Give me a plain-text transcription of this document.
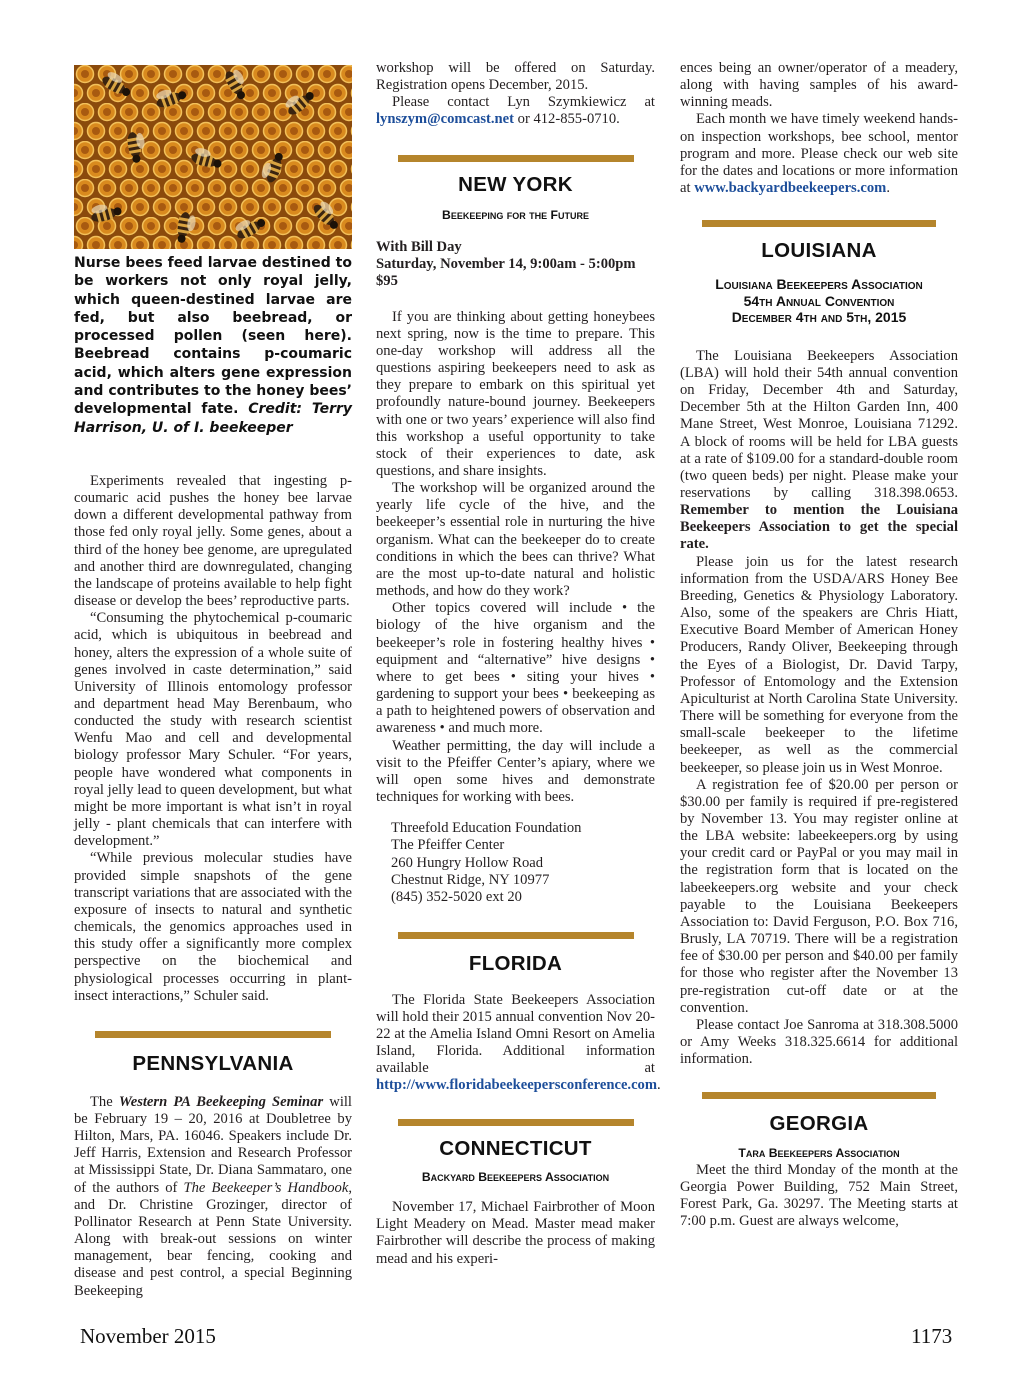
Nurse bees feed larvae destined to be workers not only royal jelly, which queen-destined larvae are fed, but also beebread, or processed pollen (seen here). Beebread contains p-coumaric acid, which alters gene expression and contributes to the honey bees’ developmental fate. Credit: Terry Harrison, U. of I. beekeeper

Experiments revealed that ingesting p-coumaric acid pushes the honey bee larvae down a different developmental pathway from those fed only royal jelly. Some genes, about a third of the honey bee genome, are upregulated and another third are downregulated, changing the landscape of proteins available to help fight disease or develop the bees’ reproductive parts.

“Consuming the phytochemical p-coumaric acid, which is ubiquitous in beebread and honey, alters the expression of a whole suite of genes involved in caste determination,” said University of Illinois entomology professor and department head May Berenbaum, who conducted the study with research scientist Wenfu Mao and cell and developmental biology professor Mary Schuler. “For years, people have wondered what components in royal jelly lead to queen development, but what might be more important is what isn’t in royal jelly - plant chemicals that can interfere with development.”

“While previous molecular studies have provided simple snapshots of the gene transcript variations that are associated with the exposure of insects to natural and synthetic chemicals, the genomics approaches used in this study offer a significantly more complex perspective on the biochemical and physiological processes occurring in plant-insect interactions,” Schuler said.

PENNSYLVANIA

The Western PA Beekeeping Seminar will be February 19 – 20, 2016 at Doubletree by Hilton, Mars, PA. 16046. Speakers include Dr. Jeff Harris, Extension and Research Professor at Mississippi State, Dr. Diana Sammataro, one of the authors of The Beekeeper’s Handbook, and Dr. Christine Grozinger, director of Pollinator Research at Penn State University. Along with break-out sessions on winter management, bear fencing, cooking and disease and pest control, a special Beginning Beekeeping

workshop will be offered on Saturday. Registration opens December, 2015.

Please contact Lyn Szymkiewicz at lynszym@comcast.net or 412-855-0710.

NEW YORK
Beekeeping for the Future

With Bill Day

Saturday, November 14, 9:00am - 5:00pm

$95

If you are thinking about getting honeybees next spring, now is the time to prepare. This one-day workshop will address all the questions aspiring beekeepers need to ask as they prepare to embark on this spiritual yet profoundly nature-bound journey. Beekeepers with one or two years’ experience will also find this workshop a useful opportunity to take stock of their experiences to date, ask questions, and share insights.

The workshop will be organized around the yearly life cycle of the hive, and the beekeeper’s essential role in nurturing the hive organism. What can the beekeeper do to create conditions in which the bees can thrive? What are the most up-to-date natural and holistic methods, and how do they work?

Other topics covered will include • the biology of the hive organism and the beekeeper’s role in fostering healthy hives • equipment and “alternative” hive designs • where to get bees • siting your hives • gardening to support your bees • beekeeping as a path to heightened powers of observation and awareness • and much more.

Weather permitting, the day will include a visit to the Pfeiffer Center’s apiary, where we will open some hives and demonstrate techniques for working with bees.

Threefold Education Foundation

The Pfeiffer Center

260 Hungry Hollow Road

Chestnut Ridge, NY 10977

(845) 352-5020 ext 20

FLORIDA

The Florida State Beekeepers Association will hold their 2015 annual convention Nov 20-22 at the Amelia Island Omni Resort on Amelia Island, Florida. Additional information available at http://www.floridabeekeepersconference.com.

CONNECTICUT
Backyard Beekeepers Association

November 17, Michael Fairbrother of Moon Light Meadery on Mead. Master mead maker Fairbrother will describe the process of making mead and his experi-

ences being an owner/operator of a meadery, along with having samples of his award-winning meads.

Each month we have timely weekend hands-on inspection workshops, bee school, mentor program and more. Please check our web site for the dates and locations or more information at www.backyardbeekeepers.com.

LOUISIANA
Louisiana Beekeepers Association
54th Annual Convention
December 4th and 5th, 2015

The Louisiana Beekeepers Association (LBA) will hold their 54th annual convention on Friday, December 4th and Saturday, December 5th at the Hilton Garden Inn, 400 Mane Street, West Monroe, Louisiana 71292. A block of rooms will be held for LBA guests at a rate of $109.00 for a standard-double room (two queen beds) per night. Please make your reservations by calling 318.398.0653. Remember to mention the Louisiana Beekeepers Association to get the special rate.

Please join us for the latest research information from the USDA/ARS Honey Bee Breeding, Genetics & Physiology Laboratory. Also, some of the speakers are Chris Hiatt, Executive Board Member of American Honey Producers, Randy Oliver, Beekeeping through the Eyes of a Biologist, Dr. David Tarpy, Professor of Entomology and the Extension Apiculturist at North Carolina State University. There will be something for everyone from the small-scale beekeeper to the lifetime beekeeper, as well as the commercial beekeeper, so please join us in West Monroe.

A registration fee of $20.00 per person or $30.00 per family is required if pre-registered by November 13. You may register online at the LBA website: labeekeepers.org by using your credit card or PayPal or you may mail in the registration form that is located on the labeekeepers.org website and your check payable to the Louisiana Beekeepers Association to: David Ferguson, P.O. Box 716, Brusly, LA 70719. There will be a registration fee of $30.00 per person and $40.00 per family for those who register after the November 13 pre-registration cut-off date or at the convention.

Please contact Joe Sanroma at 318.308.5000 or Amy Weeks 318.325.6614 for additional information.

GEORGIA
Tara Beekeepers Association

Meet the third Monday of the month at the Georgia Power Building, 752 Main Street, Forest Park, Ga. 30297. The Meeting starts at 7:00 p.m. Guest are always welcome,

November 2015	1173
